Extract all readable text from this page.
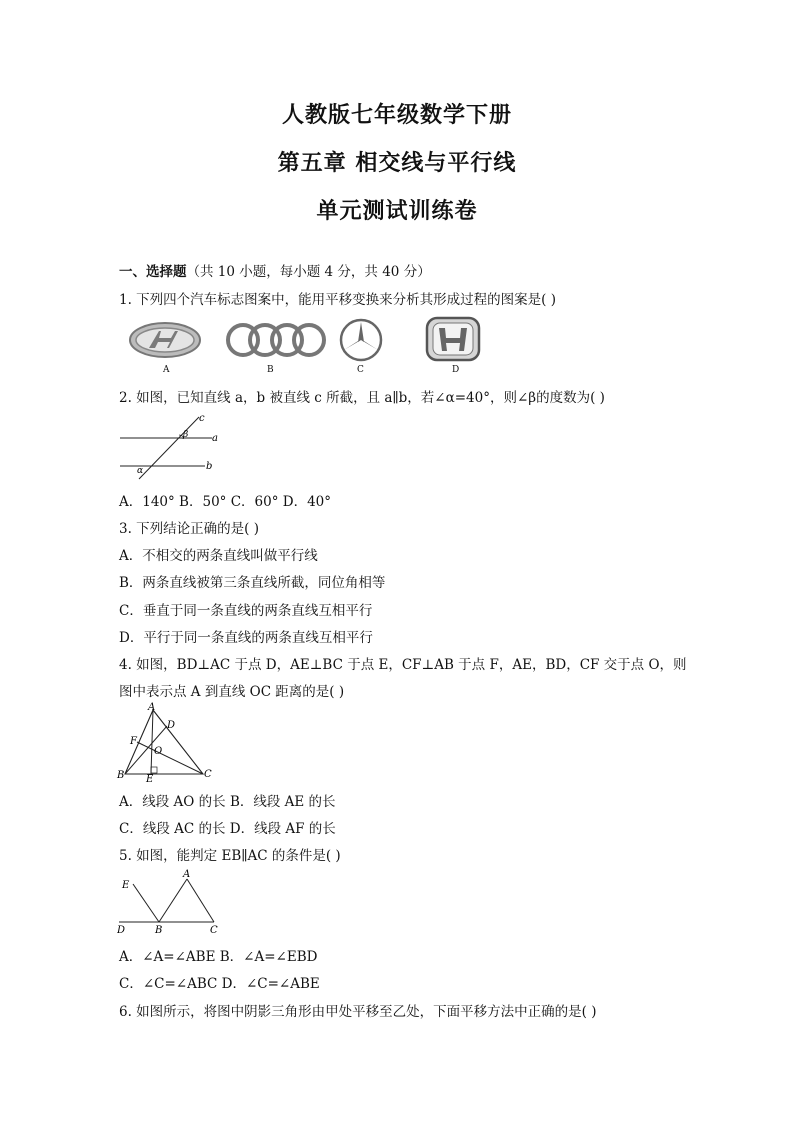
人教版七年级数学下册
第五章 相交线与平行线
单元测试训练卷
一、选择题（共 10 小题，每小题 4 分，共 40 分）
1. 下列四个汽车标志图案中，能用平移变换来分析其形成过程的图案是( )
A	B	C	D
2. 如图，已知直线 a，b 被直线 c 所截，且 a∥b，若∠α=40°，则∠β的度数为( )
c
a
b
β
α
A．140° B．50° C．60° D．40°
3. 下列结论正确的是( )
A．不相交的两条直线叫做平行线
B．两条直线被第三条直线所截，同位角相等
C．垂直于同一条直线的两条直线互相平行
D．平行于同一条直线的两条直线互相平行
4. 如图，BD⊥AC 于点 D，AE⊥BC 于点 E，CF⊥AB 于点 F，AE，BD，CF 交于点 O，则
图中表示点 A 到直线 OC 距离的是( )
A
D
F
O
B E	C
A．线段 AO 的长 B．线段 AE 的长
C．线段 AC 的长 D．线段 AF 的长
5. 如图，能判定 EB∥AC 的条件是( )
E
A
D	B	C
A．∠A=∠ABE B．∠A=∠EBD
C．∠C=∠ABC D．∠C=∠ABE
6. 如图所示，将图中阴影三角形由甲处平移至乙处，下面平移方法中正确的是( )
